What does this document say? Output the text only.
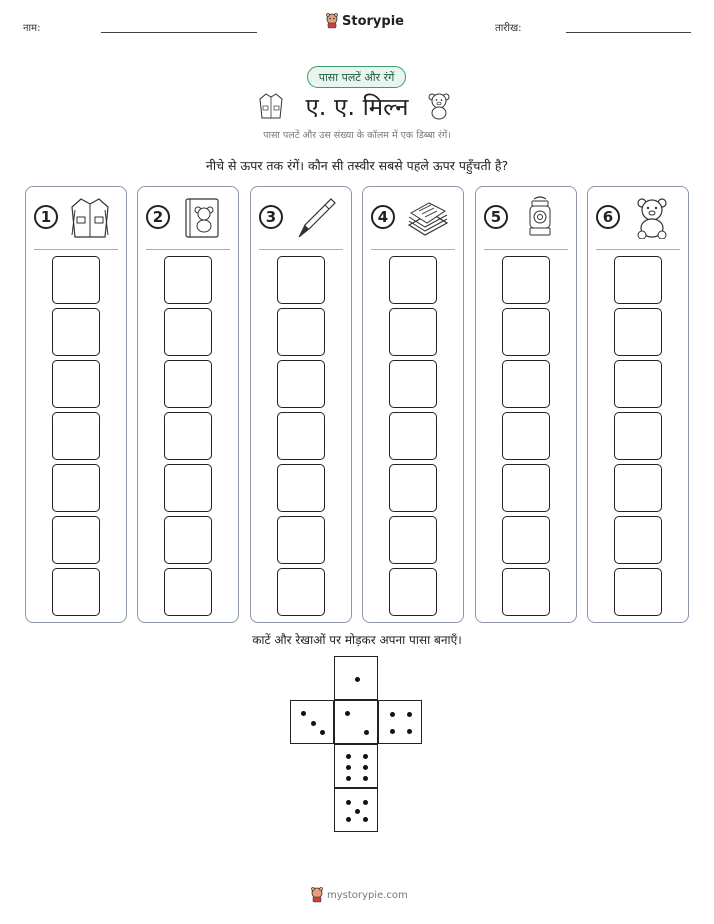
नाम:	Storypie	तारीख:
पासा पलटें और रंगें
ए. ए. मिल्न
पासा पलटें और उस संख्या के कॉलम में एक डिब्बा रंगें।
नीचे से ऊपर तक रंगें। कौन सी तस्वीर सबसे पहले ऊपर पहुँचती है?
1	2	3	4	5	6
काटें और रेखाओं पर मोड़कर अपना पासा बनाएँ।
mystorypie.com
